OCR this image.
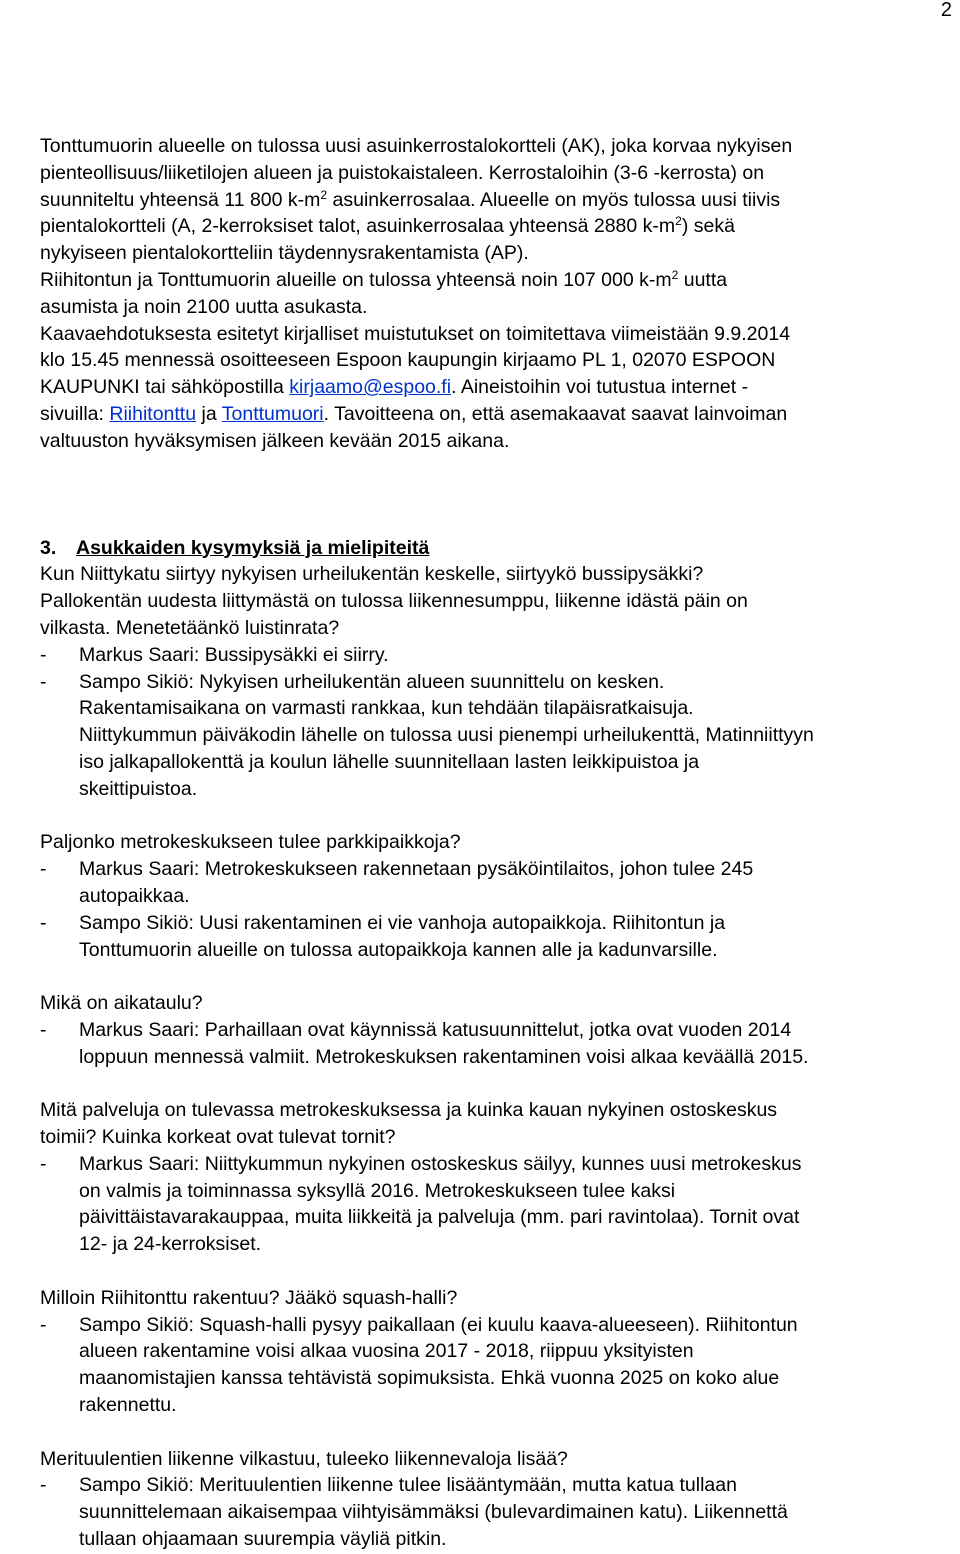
2
Tonttumuorin alueelle on tulossa uusi asuinkerrostalokortteli (AK), joka korvaa nykyisen
pienteollisuus/liiketilojen alueen ja puistokaistaleen. Kerrostaloihin (3-6 -kerrosta) on
suunniteltu yhteensä 11 800 $k-m^2$ asuinkerrosalaa. Alueelle on myös tulossa uusi tiivis
pientalokortteli (A, 2-kerroksiset talot, asuinkerrosalaa yhteensä 2880 $k-m^2$) sekä
nykyiseen pientalokortteliin täydennysrakentamista (AP).
Riihitontun ja Tonttumuorin alueille on tulossa yhteensä noin 107 000 $k-m^2$ uutta
asumista ja noin 2100 uutta asukasta.
Kaavaehdotuksesta esitetyt kirjalliset muistutukset on toimitettava viimeistään 9.9.2014
klo 15.45 mennessä osoitteeseen Espoon kaupungin kirjaamo PL 1, 02070 ESPOON
KAUPUNKI tai sähköpostilla kirjaamo@espoo.fi. Aineistoihin voi tutustua internet -
sivuilla: Riihitonttu ja Tonttumuori. Tavoitteena on, että asemakaavat saavat lainvoiman
valtuuston hyväksymisen jälkeen kevään 2015 aikana.
3. Asukkaiden kysymyksiä ja mielipiteitä
Kun Niittykatu siirtyy nykyisen urheilukentän keskelle, siirtyykö bussipysäkki?
Pallokentän uudesta liittymästä on tulossa liikennesumppu, liikenne idästä päin on
vilkasta. Menetetäänkö luistinrata?
- Markus Saari: Bussipysäkki ei siirry.
- Sampo Sikiö: Nykyisen urheilukentän alueen suunnittelu on kesken.
Rakentamisaikana on varmasti rankkaa, kun tehdään tilapäisratkaisuja.
Niittykummun päiväkodin lähelle on tulossa uusi pienempi urheilukenttä, Matinniittyyn
iso jalkapallokenttä ja koulun lähelle suunnitellaan lasten leikkipuistoa ja
skeittipuistoa.
Paljonko metrokeskukseen tulee parkkipaikkoja?
- Markus Saari: Metrokeskukseen rakennetaan pysäköintilaitos, johon tulee 245
autopaikkaa.
- Sampo Sikiö: Uusi rakentaminen ei vie vanhoja autopaikkoja. Riihitontun ja
Tonttumuorin alueille on tulossa autopaikkoja kannen alle ja kadunvarsille.
Mikä on aikataulu?
- Markus Saari: Parhaillaan ovat käynnissä katusuunnittelut, jotka ovat vuoden 2014
loppuun mennessä valmiit. Metrokeskuksen rakentaminen voisi alkaa keväällä 2015.
Mitä palveluja on tulevassa metrokeskuksessa ja kuinka kauan nykyinen ostoskeskus
toimii? Kuinka korkeat ovat tulevat tornit?
- Markus Saari: Niittykummun nykyinen ostoskeskus säilyy, kunnes uusi metrokeskus
on valmis ja toiminnassa syksyllä 2016. Metrokeskukseen tulee kaksi
päivittäistavarakauppaa, muita liikkeitä ja palveluja (mm. pari ravintolaa). Tornit ovat
12- ja 24-kerroksiset.
Milloin Riihitonttu rakentuu? Jääkö squash-halli?
- Sampo Sikiö: Squash-halli pysyy paikallaan (ei kuulu kaava-alueeseen). Riihitontun
alueen rakentamine voisi alkaa vuosina 2017 - 2018, riippuu yksityisten
maanomistajien kanssa tehtävistä sopimuksista. Ehkä vuonna 2025 on koko alue
rakennettu.
Merituulentien liikenne vilkastuu, tuleeko liikennevaloja lisää?
- Sampo Sikiö: Merituulentien liikenne tulee lisääntymään, mutta katua tullaan
suunnittelemaan aikaisempaa viihtyisämmäksi (bulevardimainen katu). Liikennettä
tullaan ohjaamaan suurempia väyliä pitkin.
